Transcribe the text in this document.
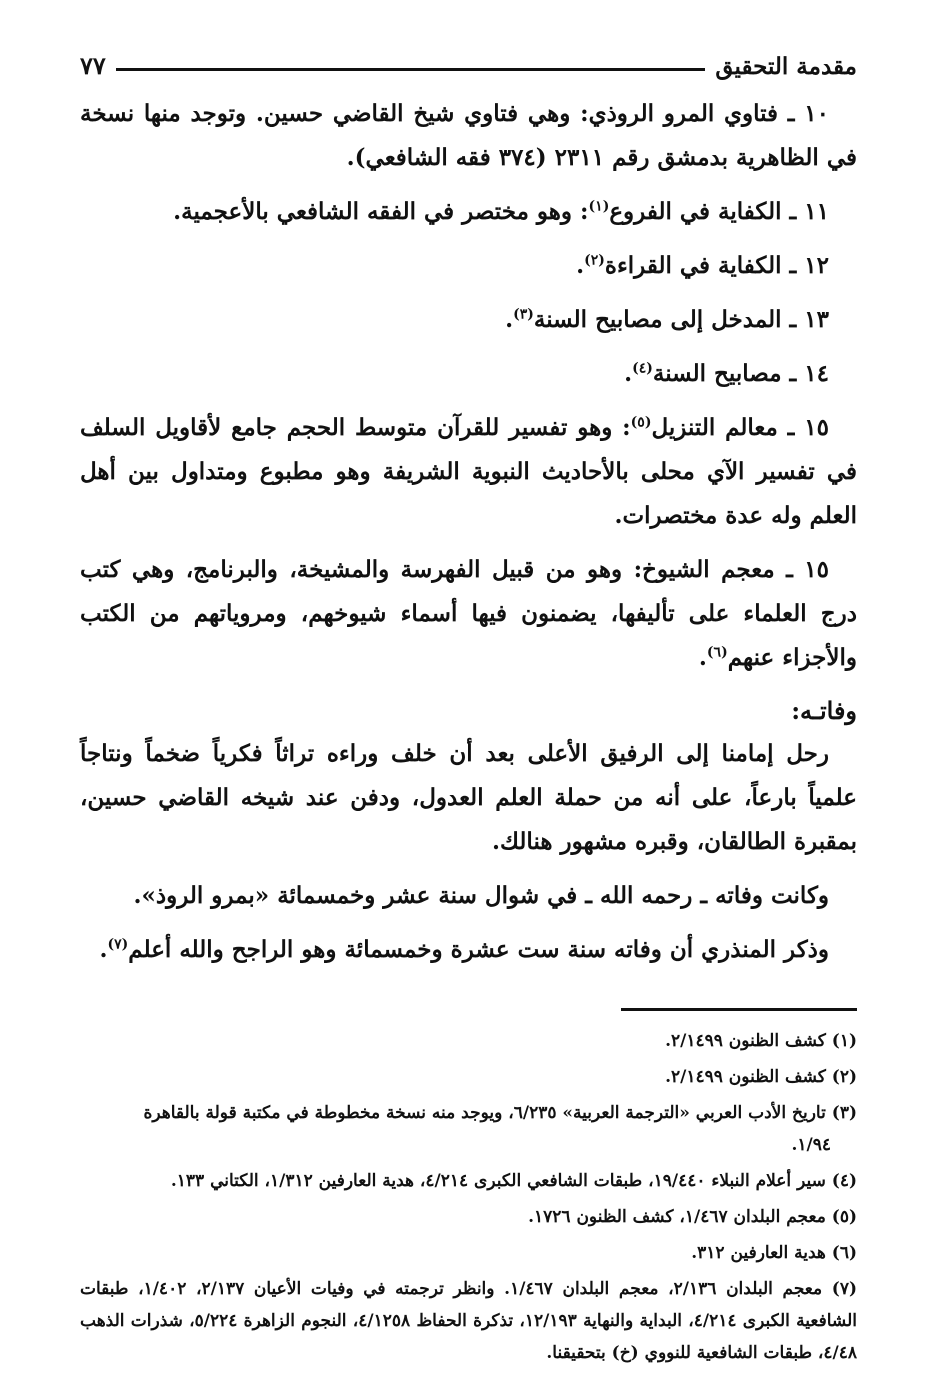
مقدمة التحقيق
٧٧

١٠ ـ فتاوي المرو الروذي: وهي فتاوي شيخ القاضي حسين. وتوجد منها نسخة في الظاهرية بدمشق رقم ٢٣١١ (٣٧٤ فقه الشافعي).

١١ ـ الكفاية في الفروع$^{(١)}$: وهو مختصر في الفقه الشافعي بالأعجمية.

١٢ ـ الكفاية في القراءة$^{(٢)}$.

١٣ ـ المدخل إلى مصابيح السنة$^{(٣)}$.

١٤ ـ مصابيح السنة$^{(٤)}$.

١٥ ـ معالم التنزيل$^{(٥)}$: وهو تفسير للقرآن متوسط الحجم جامع لأقاويل السلف في تفسير الآي محلى بالأحاديث النبوية الشريفة وهو مطبوع ومتداول بين أهل العلم وله عدة مختصرات.

١٥ ـ معجم الشيوخ: وهو من قبيل الفهرسة والمشيخة، والبرنامج، وهي كتب درج العلماء على تأليفها، يضمنون فيها أسماء شيوخهم، ومروياتهم من الكتب والأجزاء عنهم$^{(٦)}$.

وفاتـه:

رحل إمامنا إلى الرفيق الأعلى بعد أن خلف وراءه تراثاً فكرياً ضخماً ونتاجاً علمياً بارعاً، على أنه من حملة العلم العدول، ودفن عند شيخه القاضي حسين، بمقبرة الطالقان، وقبره مشهور هنالك.

وكانت وفاته ـ رحمه الله ـ في شوال سنة عشر وخمسمائة «بمرو الروذ».

وذكر المنذري أن وفاته سنة ست عشرة وخمسمائة وهو الراجح والله أعلم$^{(٧)}$.

(١) كشف الظنون ٢/١٤٩٩.

(٢) كشف الظنون ٢/١٤٩٩.

(٣) تاريخ الأدب العربي «الترجمة العربية» ٦/٢٣٥، ويوجد منه نسخة مخطوطة في مكتبة قولة بالقاهرة
١/٩٤.

(٤) سير أعلام النبلاء ١٩/٤٤٠، طبقات الشافعي الكبرى ٤/٢١٤، هدية العارفين ١/٣١٢، الكتاني ١٣٣.

(٥) معجم البلدان ١/٤٦٧، كشف الظنون ١٧٢٦.

(٦) هدية العارفين ٣١٢.

(٧) معجم البلدان ٢/١٣٦، معجم البلدان ١/٤٦٧. وانظر ترجمته في وفيات الأعيان ٢/١٣٧، ١/٤٠٢، طبقات الشافعية الكبرى ٤/٢١٤، البداية والنهاية ١٢/١٩٣، تذكرة الحفاظ ٤/١٢٥٨، النجوم الزاهرة ٥/٢٢٤، شذرات الذهب ٤/٤٨، طبقات الشافعية للنووي (خ) بتحقيقنا.
